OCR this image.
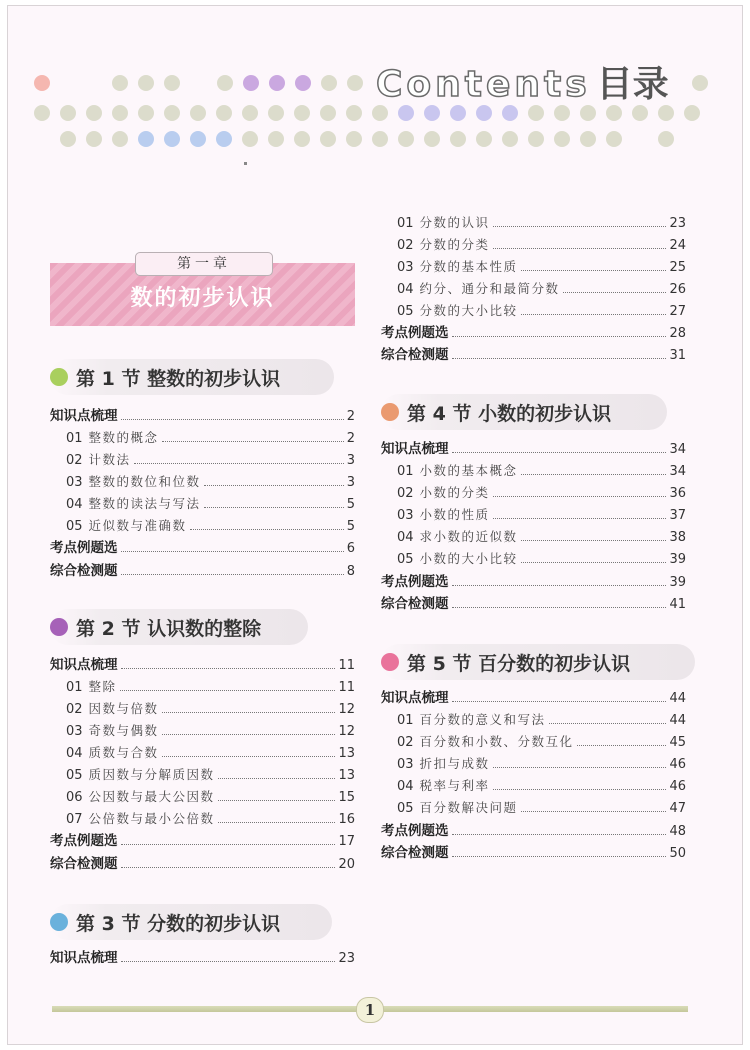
Contents 目录
第一章
数的初步认识
第 1 节 整数的初步认识
第 2 节 认识数的整除
第 3 节 分数的初步认识
第 4 节 小数的初步认识
第 5 节 百分数的初步认识
知识点梳理	2
01 整数的概念	2
02 计数法	3
03 整数的数位和位数	3
04 整数的读法与写法	5
05 近似数与准确数	5
考点例题选	6
综合检测题	8
知识点梳理	11
01 整除	11
02 因数与倍数	12
03 奇数与偶数	12
04 质数与合数	13
05 质因数与分解质因数	13
06 公因数与最大公因数	15
07 公倍数与最小公倍数	16
考点例题选	17
综合检测题	20
知识点梳理	23
01 分数的认识	23
02 分数的分类	24
03 分数的基本性质	25
04 约分、通分和最简分数	26
05 分数的大小比较	27
考点例题选	28
综合检测题	31
知识点梳理	34
01 小数的基本概念	34
02 小数的分类	36
03 小数的性质	37
04 求小数的近似数	38
05 小数的大小比较	39
考点例题选	39
综合检测题	41
知识点梳理	44
01 百分数的意义和写法	44
02 百分数和小数、分数互化	45
03 折扣与成数	46
04 税率与利率	46
05 百分数解决问题	47
考点例题选	48
综合检测题	50
1
